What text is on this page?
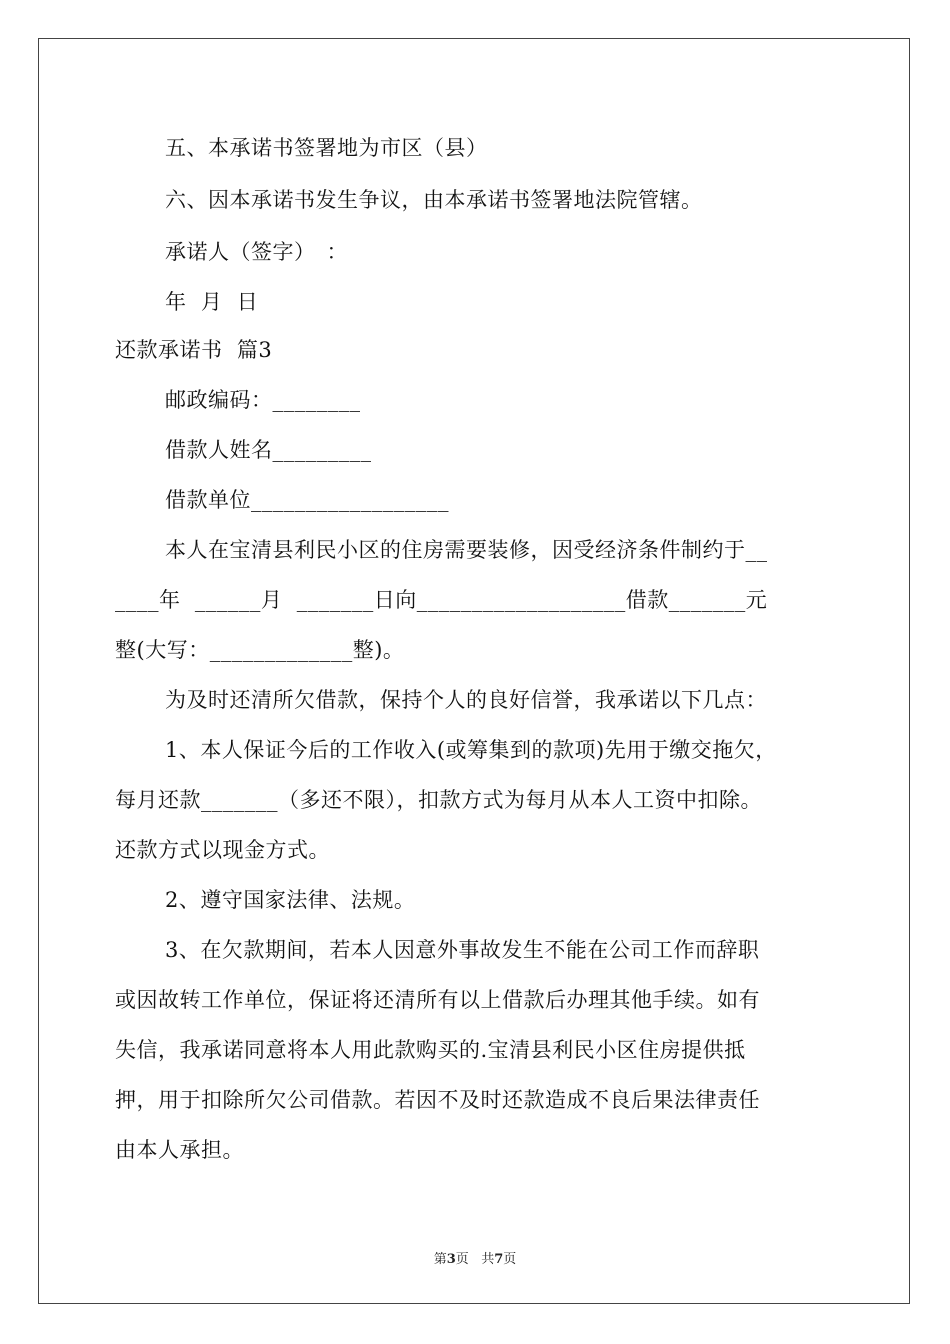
五、本承诺书签署地为市区（县）
六、因本承诺书发生争议，由本承诺书签署地法院管辖。
承诺人（签字）　：
年  月  日
还款承诺书  篇3
邮政编码：________
借款人姓名_________
借款单位__________________
本人在宝清县利民小区的住房需要装修，因受经济条件制约于__
____年  ______月  _______日向___________________借款_______元
整(大写：_____________整)。
为及时还清所欠借款，保持个人的良好信誉，我承诺以下几点：
1、本人保证今后的工作收入(或筹集到的款项)先用于缴交拖欠，
每月还款_______（多还不限），扣款方式为每月从本人工资中扣除。
还款方式以现金方式。
2、遵守国家法律、法规。
3、在欠款期间，若本人因意外事故发生不能在公司工作而辞职
或因故转工作单位，保证将还清所有以上借款后办理其他手续。如有
失信，我承诺同意将本人用此款购买的.宝清县利民小区住房提供抵
押，用于扣除所欠公司借款。若因不及时还款造成不良后果法律责任
由本人承担。
第3页 共7页
